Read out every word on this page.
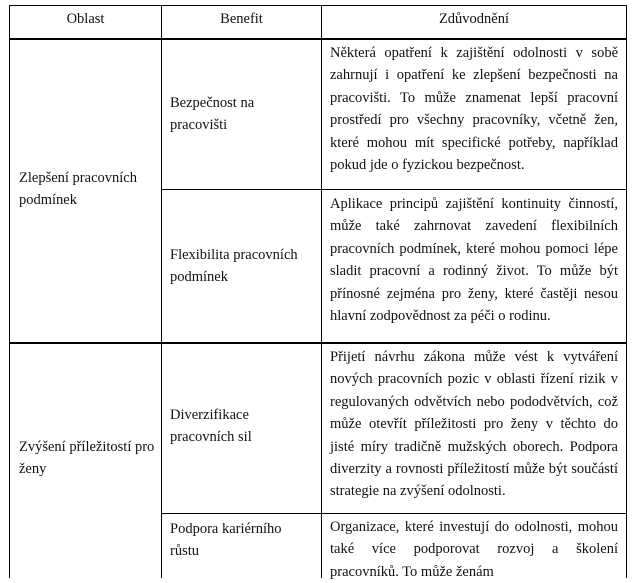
Oblast	Benefit	Zdůvodnění
Zlepšení pracovních podmínek
Bezpečnost na pracovišti
Některá opatření k zajištění odolnosti v sobě zahrnují i opatření ke zlepšení bezpečnosti na pracovišti. To může znamenat lepší pracovní prostředí pro všechny pracovníky, včetně žen, které mohou mít specifické potřeby, například pokud jde o fyzickou bezpečnost.
Flexibilita pracovních podmínek
Aplikace principů zajištění kontinuity činností, může také zahrnovat zavedení flexibilních pracovních podmínek, které mohou pomoci lépe sladit pracovní a rodinný život. To může být přínosné zejména pro ženy, které častěji nesou hlavní zodpovědnost za péči o rodinu.
Zvýšení příležitostí pro ženy
Diverzifikace pracovních sil
Přijetí návrhu zákona může vést k vytváření nových pracovních pozic v oblasti řízení rizik v regulovaných odvětvích nebo pododvětvích, což může otevřít příležitosti pro ženy v těchto do jisté míry tradičně mužských oborech. Podpora diverzity a rovnosti příležitostí může být součástí strategie na zvýšení odolnosti.
Podpora kariérního růstu
Organizace, které investují do odolnosti, mohou také více podporovat rozvoj a školení pracovníků. To může ženám
